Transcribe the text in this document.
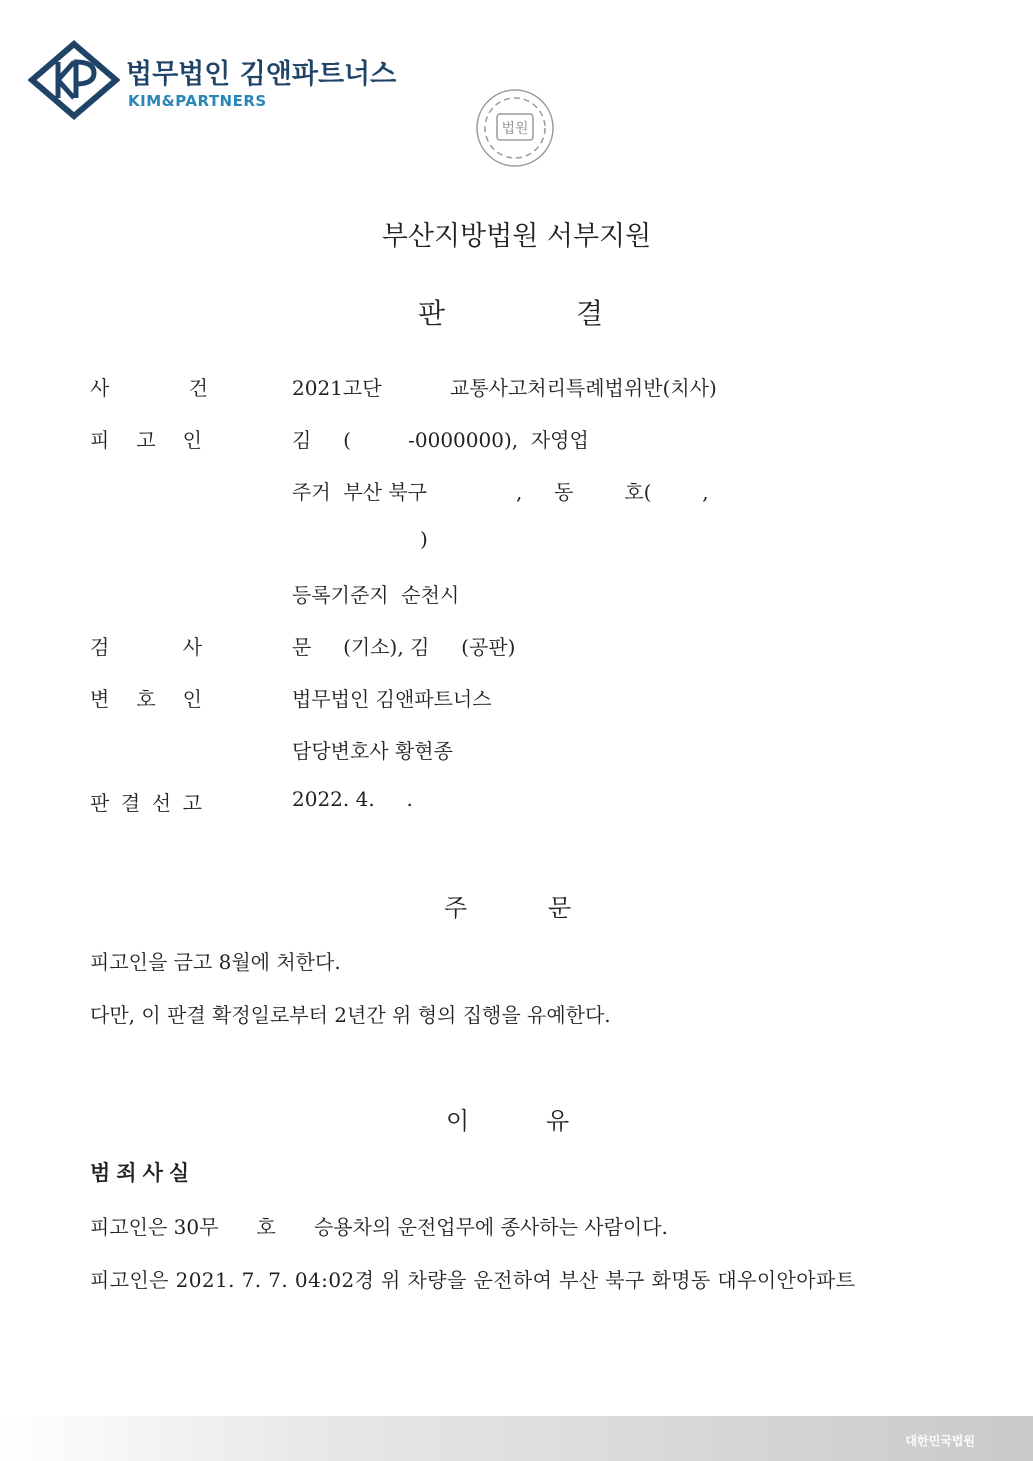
법무법인 김앤파트너스
KIM&PARTNERS
법원
부산지방법원 서부지원
판	결
사	건	2021고단	교통사고처리특례법위반(치사)
피 고 인	김     (         -0000000),  자영업
주거  부산 북구              ,     동        호(        ,
)
등록기준지  순천시
검	사	문     (기소), 김     (공판)
변 호 인	법무법인 김앤파트너스
담당변호사 황현종
판 결 선 고	2022. 4.     .
주	문
피고인을 금고 8월에 처한다.
다만, 이 판결 확정일로부터 2년간 위 형의 집행을 유예한다.
이	유
범죄사실
피고인은 30무      호      승용차의 운전업무에 종사하는 사람이다.
피고인은 2021. 7. 7. 04:02경 위 차량을 운전하여 부산 북구 화명동 대우이안아파트
대한민국법원
